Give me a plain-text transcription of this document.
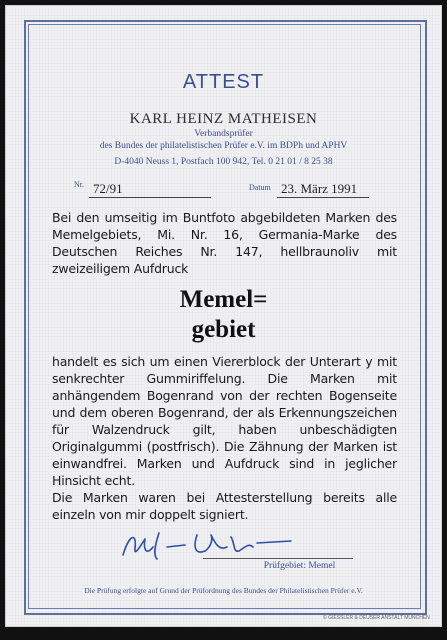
ATTEST
KARL HEINZ MATHEISEN
Verbandsprüfer
des Bundes der philatelistischen Prüfer e.V. im BDPh und APHV
D-4040 Neuss 1, Postfach 100 942, Tel. 0 21 01 / 8 25 38
Nr. 72/91	Datum 23. März 1991

Bei den umseitig im Buntfoto abgebildeten Marken des Memelgebiets, Mi. Nr. 16, Germania-Marke des Deutschen Reiches Nr. 147, hellbraunoliv mit zweizeiligem Aufdruck

Memel=
gebiet

handelt es sich um einen Viererblock der Unterart y mit senkrechter Gummiriffelung. Die Marken mit anhängendem Bogenrand von der rechten Bogenseite und dem oberen Bogenrand, der als Erkennungszeichen für Walzendruck gilt, haben unbeschädigten Originalgummi (postfrisch). Die Zähnung der Marken ist einwandfrei. Marken und Aufdruck sind in jeglicher Hinsicht echt.

Die Marken waren bei Attesterstellung bereits alle einzeln von mir doppelt signiert.

Prüfgebiet: Memel
Die Prüfung erfolgte auf Grund der Prüfordnung des Bundes der Philatelistischen Prüfer e.V.
© GIESSLER & DEUSER ANSTALT MÜNCHEN
